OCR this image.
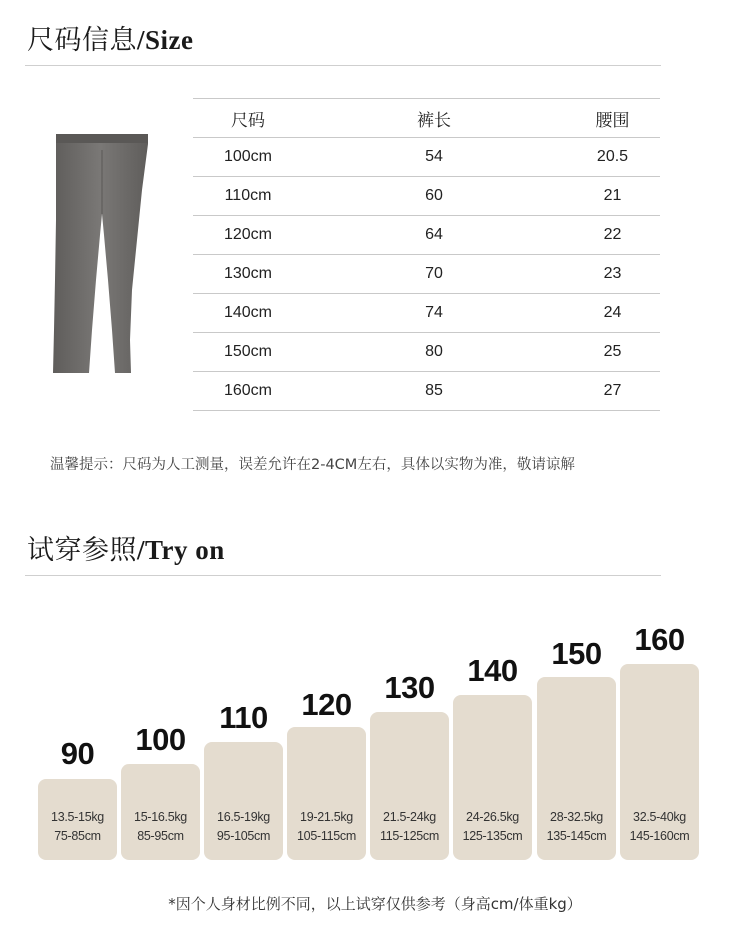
尺码信息/Size
尺码	裤长	腰围
100cm	54	20.5
110cm	60	21
120cm	64	22
130cm	70	23
140cm	74	24
150cm	80	25
160cm	85	27
温馨提示：尺码为人工测量，误差允许在2-4CM左右，具体以实物为准，敬请谅解
试穿参照/Try on
90
13.5-15kg
75-85cm
100
15-16.5kg
85-95cm
110
16.5-19kg
95-105cm
120
19-21.5kg
105-115cm
130
21.5-24kg
115-125cm
140
24-26.5kg
125-135cm
150
28-32.5kg
135-145cm
160
32.5-40kg
145-160cm
*因个人身材比例不同，以上试穿仅供参考（身高cm/体重kg）
